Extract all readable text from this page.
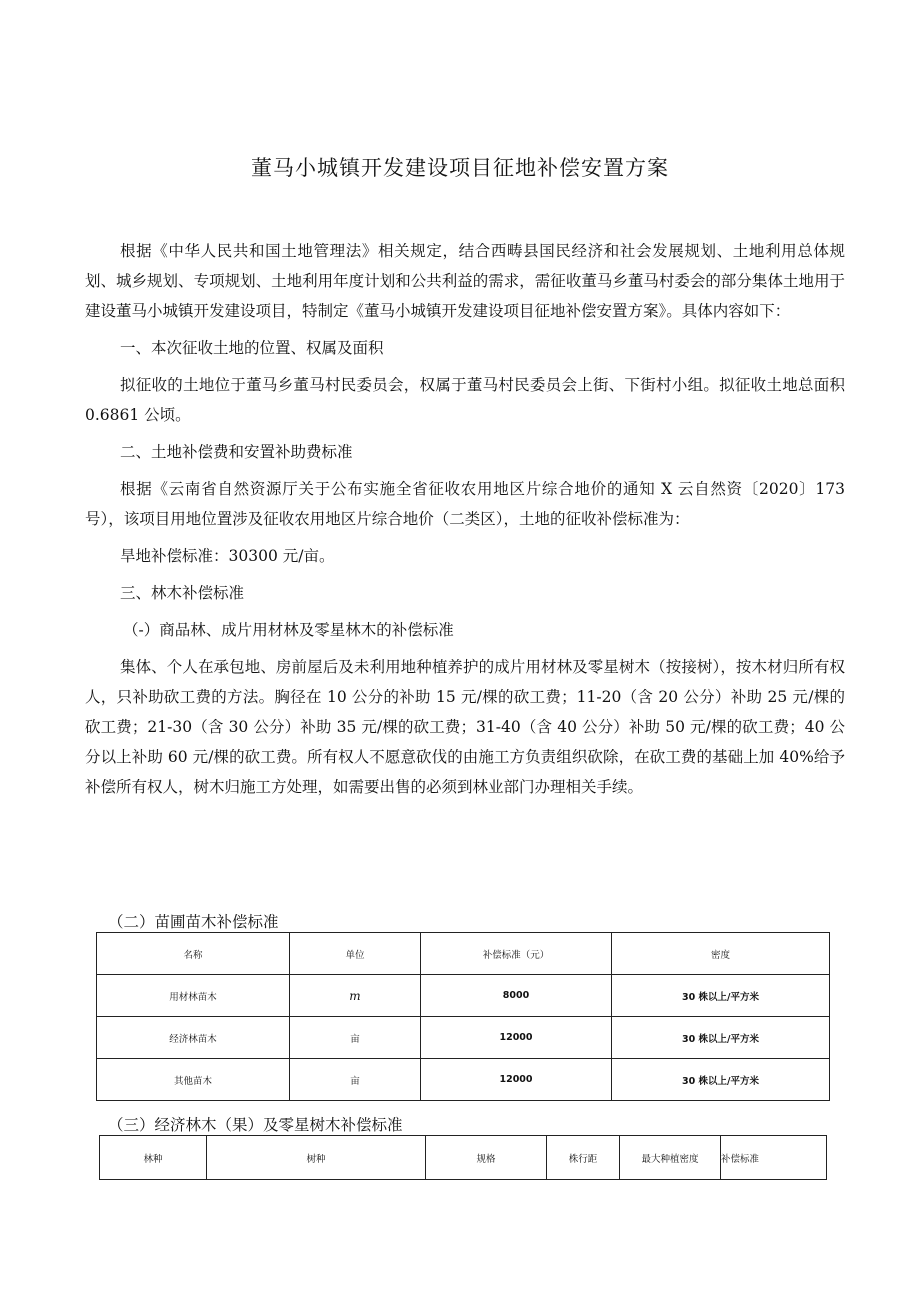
董马小城镇开发建设项目征地补偿安置方案

根据《中华人民共和国土地管理法》相关规定，结合西畴县国民经济和社会发展规划、土地利用总体规划、城乡规划、专项规划、土地利用年度计划和公共利益的需求，需征收董马乡董马村委会的部分集体土地用于建设董马小城镇开发建设项目，特制定《董马小城镇开发建设项目征地补偿安置方案》。具体内容如下：

一、本次征收土地的位置、权属及面积

拟征收的土地位于董马乡董马村民委员会，权属于董马村民委员会上街、下街村小组。拟征收土地总面积 0.6861 公顷。

二、土地补偿费和安置补助费标准

根据《云南省自然资源厅关于公布实施全省征收农用地区片综合地价的通知 X 云自然资〔2020〕173 号），该项目用地位置涉及征收农用地区片综合地价（二类区），土地的征收补偿标准为：

旱地补偿标准：30300 元/亩。

三、林木补偿标准

（-）商品林、成片用材林及零星林木的补偿标准

集体、个人在承包地、房前屋后及未利用地种植养护的成片用材林及零星树木（按接树），按木材归所有权人，只补助砍工费的方法。胸径在 10 公分的补助 15 元/棵的砍工费；11-20（含 20 公分）补助 25 元/棵的砍工费；21-30（含 30 公分）补助 35 元/棵的砍工费；31-40（含 40 公分）补助 50 元/棵的砍工费；40 公分以上补助 60 元/棵的砍工费。所有权人不愿意砍伐的由施工方负责组织砍除，在砍工费的基础上加 40%给予补偿所有权人，树木归施工方处理，如需要出售的必须到林业部门办理相关手续。

（二）苗圃苗木补偿标准
名称	单位	补偿标准（元）	密度
用材林苗木	m	8000	30 株以上/平方米
经济林苗木	亩	12000	30 株以上/平方米
其他苗木	亩	12000	30 株以上/平方米
（三）经济林木（果）及零星树木补偿标准
林种	树种	规格	株行距	最大种植密度	补偿标准
